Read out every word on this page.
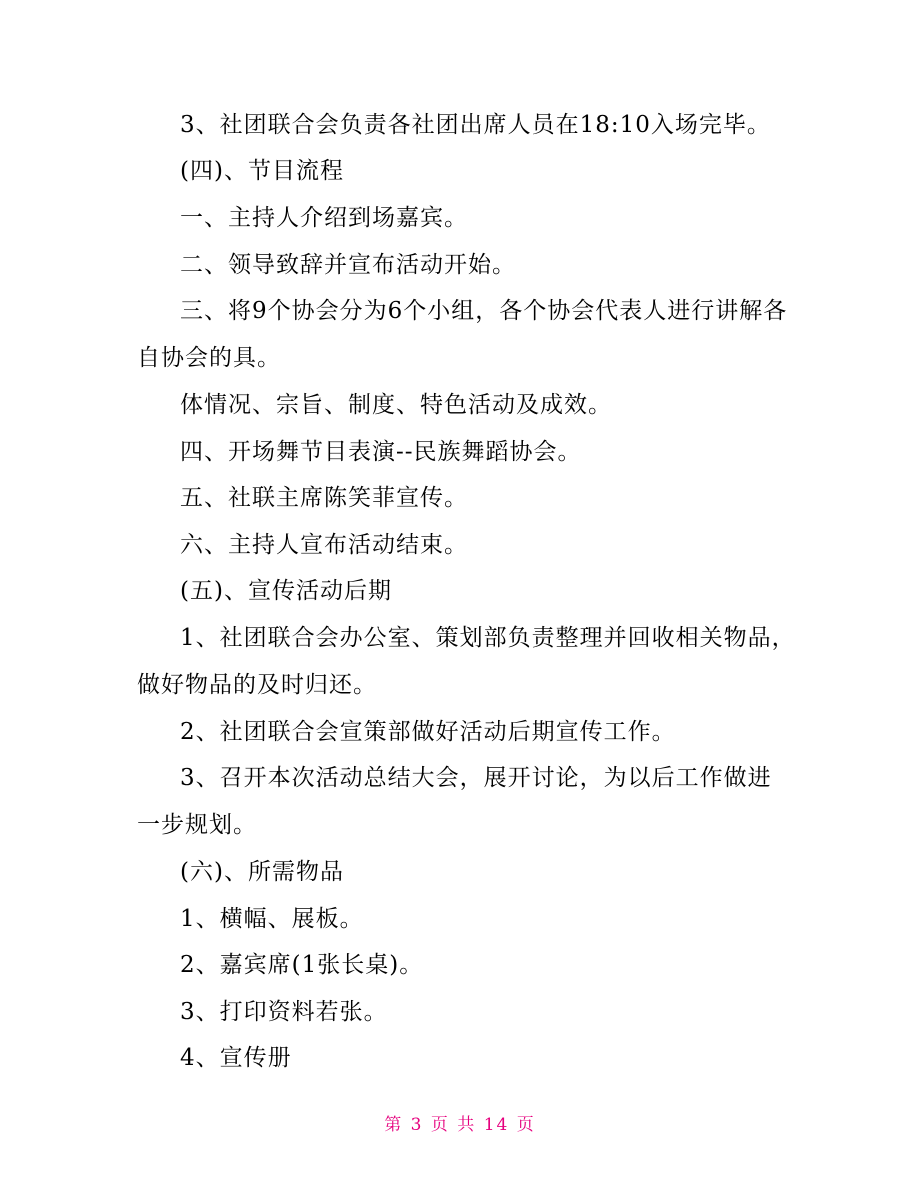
3、社团联合会负责各社团出席人员在18:10入场完毕。
(四)、节目流程
一、主持人介绍到场嘉宾。
二、领导致辞并宣布活动开始。
三、将9个协会分为6个小组，各个协会代表人进行讲解各
自协会的具。
体情况、宗旨、制度、特色活动及成效。
四、开场舞节目表演--民族舞蹈协会。
五、社联主席陈笑菲宣传。
六、主持人宣布活动结束。
(五)、宣传活动后期
1、社团联合会办公室、策划部负责整理并回收相关物品，
做好物品的及时归还。
2、社团联合会宣策部做好活动后期宣传工作。
3、召开本次活动总结大会，展开讨论，为以后工作做进
一步规划。
(六)、所需物品
1、横幅、展板。
2、嘉宾席(1张长桌)。
3、打印资料若张。
4、宣传册
第 3 页 共 14 页
